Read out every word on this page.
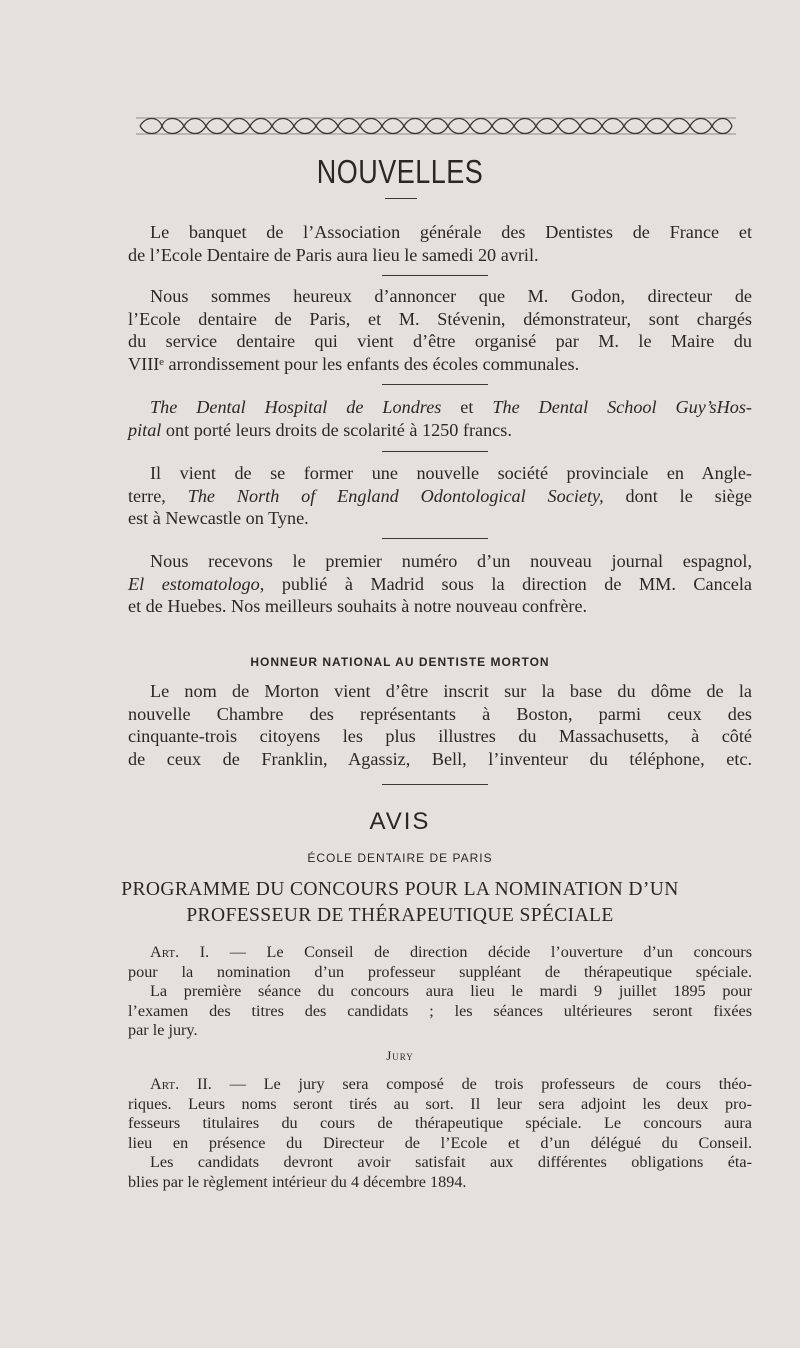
NOUVELLES
Le banquet de l’Association générale des Dentistes de France et
de l’Ecole Dentaire de Paris aura lieu le samedi 20 avril.
Nous sommes heureux d’annoncer que M. Godon, directeur de
l’Ecole dentaire de Paris, et M. Stévenin, démonstrateur, sont chargés
du service dentaire qui vient d’être organisé par M. le Maire du
VIIIᵉ arrondissement pour les enfants des écoles communales.
The Dental Hospital de Londres et The Dental School Guy’sHos-
pital ont porté leurs droits de scolarité à 1250 francs.
Il vient de se former une nouvelle société provinciale en Angle-
terre, The North of England Odontological Society, dont le siège
est à Newcastle on Tyne.
Nous recevons le premier numéro d’un nouveau journal espagnol,
El estomatologo, publié à Madrid sous la direction de MM. Cancela
et de Huebes. Nos meilleurs souhaits à notre nouveau confrère.
HONNEUR NATIONAL AU DENTISTE MORTON
Le nom de Morton vient d’être inscrit sur la base du dôme de la
nouvelle Chambre des représentants à Boston, parmi ceux des
cinquante-trois citoyens les plus illustres du Massachusetts, à côté
de ceux de Franklin, Agassiz, Bell, l’inventeur du téléphone, etc.
AVIS
ÉCOLE DENTAIRE DE PARIS
PROGRAMME DU CONCOURS POUR LA NOMINATION D’UN
PROFESSEUR DE THÉRAPEUTIQUE SPÉCIALE
Art. I. — Le Conseil de direction décide l’ouverture d’un concours
pour la nomination d’un professeur suppléant de thérapeutique spéciale.
La première séance du concours aura lieu le mardi 9 juillet 1895 pour
l’examen des titres des candidats ; les séances ultérieures seront fixées
par le jury.
Jury
Art. II. — Le jury sera composé de trois professeurs de cours théo-
riques. Leurs noms seront tirés au sort. Il leur sera adjoint les deux pro-
fesseurs titulaires du cours de thérapeutique spéciale. Le concours aura
lieu en présence du Directeur de l’Ecole et d’un délégué du Conseil.
Les candidats devront avoir satisfait aux différentes obligations éta-
blies par le règlement intérieur du 4 décembre 1894.
